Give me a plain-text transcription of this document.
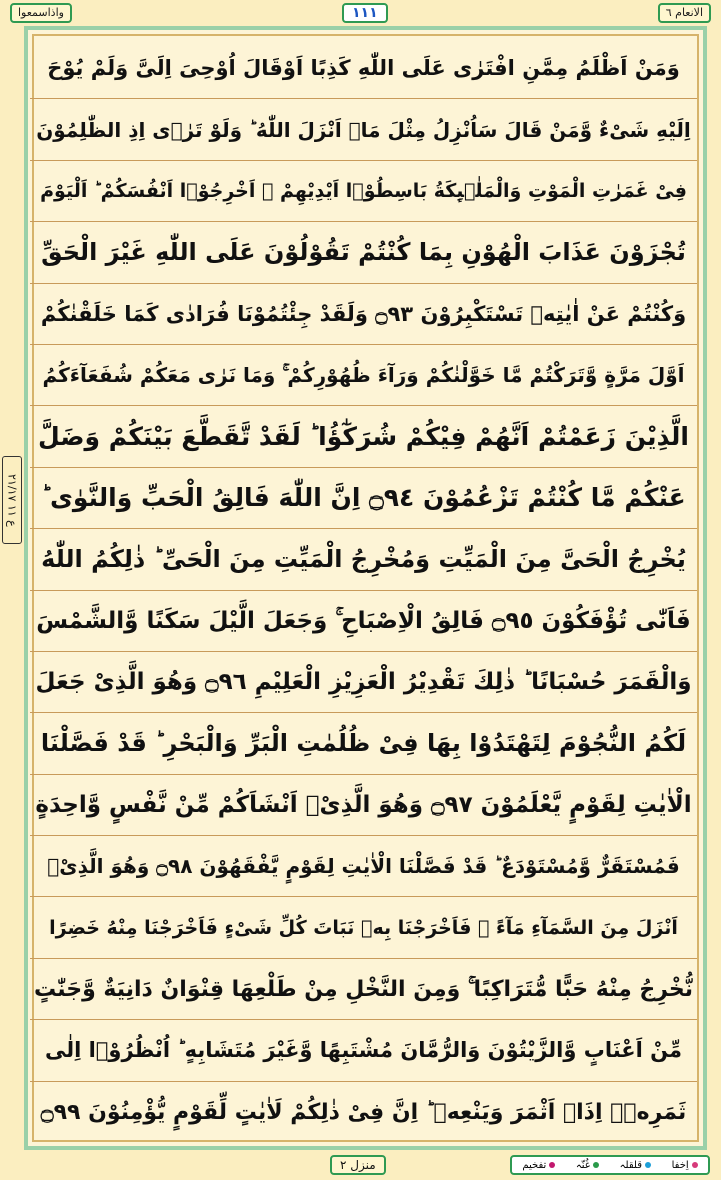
واذاسمعوا	١١١	الانعام ٦
ع ١١ ٢١/١٧
وَمَنْ اَظْلَمُ مِمَّنِ افْتَرٰى عَلَى اللّٰهِ كَذِبًا اَوْقَالَ اُوْحِىَ اِلَىَّ وَلَمْ يُوْحَ
اِلَيْهِ شَىْءٌ وَّمَنْ قَالَ سَاُنْزِلُ مِثْلَ مَاۤ اَنْزَلَ اللّٰهُ ؕ وَلَوْ تَرٰۤى اِذِ الظّٰلِمُوْنَ
فِىْ غَمَرٰتِ الْمَوْتِ وَالْمَلٰۤىِٕكَةُ بَاسِطُوْۤا اَيْدِيْهِمْ ۚ اَخْرِجُوْۤا اَنْفُسَكُمْ ؕ اَلْيَوْمَ
تُجْزَوْنَ عَذَابَ الْهُوْنِ بِمَا كُنْتُمْ تَقُوْلُوْنَ عَلَى اللّٰهِ غَيْرَ الْحَقِّ
وَكُنْتُمْ عَنْ اٰيٰتِهٖ تَسْتَكْبِرُوْنَ ۝٩٣ وَلَقَدْ جِئْتُمُوْنَا فُرَادٰى كَمَا خَلَقْنٰكُمْ
اَوَّلَ مَرَّةٍ وَّتَرَكْتُمْ مَّا خَوَّلْنٰكُمْ وَرَآءَ ظُهُوْرِكُمْ ۚ وَمَا نَرٰى مَعَكُمْ شُفَعَآءَكُمُ
الَّذِيْنَ زَعَمْتُمْ اَنَّهُمْ فِيْكُمْ شُرَكٰٓؤُا ؕ لَقَدْ تَّقَطَّعَ بَيْنَكُمْ وَضَلَّ
عَنْكُمْ مَّا كُنْتُمْ تَزْعُمُوْنَ ۝٩٤ اِنَّ اللّٰهَ فَالِقُ الْحَبِّ وَالنَّوٰى ؕ
يُخْرِجُ الْحَىَّ مِنَ الْمَيِّتِ وَمُخْرِجُ الْمَيِّتِ مِنَ الْحَىِّ ؕ ذٰلِكُمُ اللّٰهُ
فَاَنّٰى تُؤْفَكُوْنَ ۝٩٥ فَالِقُ الْاِصْبَاحِ ۚ وَجَعَلَ الَّيْلَ سَكَنًا وَّالشَّمْسَ
وَالْقَمَرَ حُسْبَانًا ؕ ذٰلِكَ تَقْدِيْرُ الْعَزِيْزِ الْعَلِيْمِ ۝٩٦ وَهُوَ الَّذِىْ جَعَلَ
لَكُمُ النُّجُوْمَ لِتَهْتَدُوْا بِهَا فِىْ ظُلُمٰتِ الْبَرِّ وَالْبَحْرِ ؕ قَدْ فَصَّلْنَا
الْاٰيٰتِ لِقَوْمٍ يَّعْلَمُوْنَ ۝٩٧ وَهُوَ الَّذِىْۤ اَنْشَاَكُمْ مِّنْ نَّفْسٍ وَّاحِدَةٍ
فَمُسْتَقَرٌّ وَّمُسْتَوْدَعٌ ؕ قَدْ فَصَّلْنَا الْاٰيٰتِ لِقَوْمٍ يَّفْقَهُوْنَ ۝٩٨ وَهُوَ الَّذِىْۤ
اَنْزَلَ مِنَ السَّمَآءِ مَآءً ۚ فَاَخْرَجْنَا بِهٖ نَبَاتَ كُلِّ شَىْءٍ فَاَخْرَجْنَا مِنْهُ خَضِرًا
نُّخْرِجُ مِنْهُ حَبًّا مُّتَرَاكِبًا ۚ وَمِنَ النَّخْلِ مِنْ طَلْعِهَا قِنْوَانٌ دَانِيَةٌ وَّجَنّٰتٍ
مِّنْ اَعْنَابٍ وَّالزَّيْتُوْنَ وَالرُّمَّانَ مُشْتَبِهًا وَّغَيْرَ مُتَشَابِهٍ ؕ اُنْظُرُوْۤا اِلٰى
ثَمَرِهٖۤ اِذَاۤ اَثْمَرَ وَيَنْعِهٖ ؕ اِنَّ فِىْ ذٰلِكُمْ لَاٰيٰتٍ لِّقَوْمٍ يُّؤْمِنُوْنَ ۝٩٩
منزل ٢	اِخفا
قلقلہ
غُنّہ
تفخیم
